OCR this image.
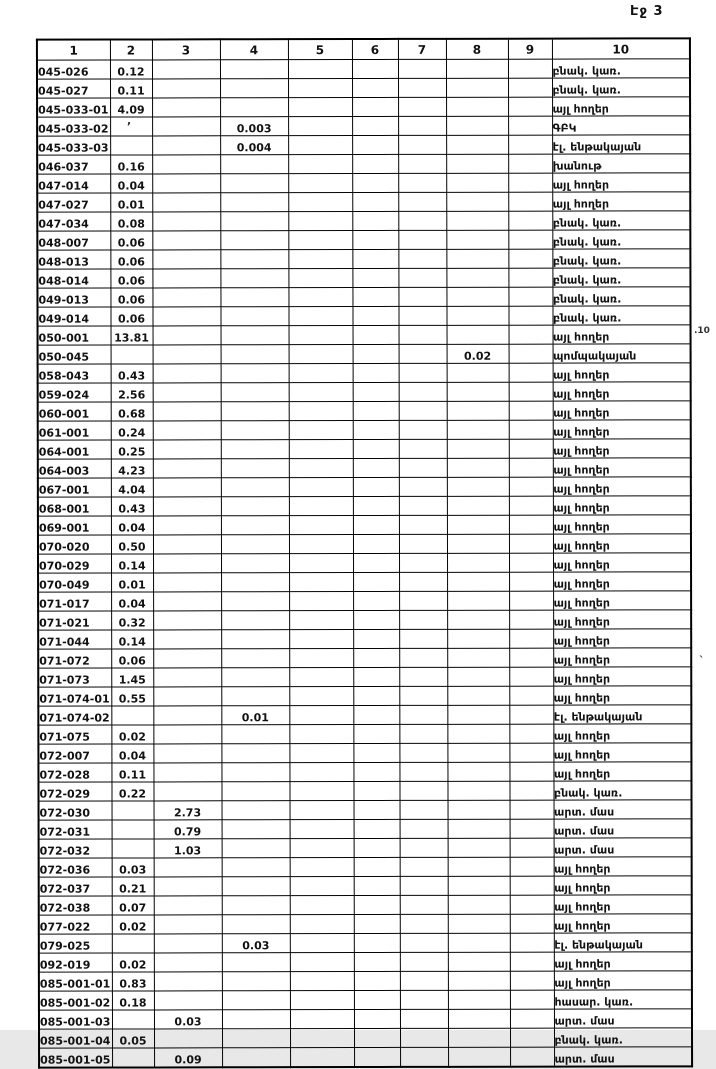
Էջ 3
,
.10
`
1	2	3	4	5	6	7	8	9	10
045-026	0.12								բնակ. կառ.
045-027	0.11								բնակ. կառ.
045-033-01	4.09								այլ հողեր
045-033-02			0.003						ԳԲԿ
045-033-03			0.004						էլ. ենթակայան
046-037	0.16								խանութ
047-014	0.04								այլ հողեր
047-027	0.01								այլ հողեր
047-034	0.08								բնակ. կառ.
048-007	0.06								բնակ. կառ.
048-013	0.06								բնակ. կառ.
048-014	0.06								բնակ. կառ.
049-013	0.06								բնակ. կառ.
049-014	0.06								բնակ. կառ.
050-001	13.81								այլ հողեր
050-045							0.02		պոմպակայան
058-043	0.43								այլ հողեր
059-024	2.56								այլ հողեր
060-001	0.68								այլ հողեր
061-001	0.24								այլ հողեր
064-001	0.25								այլ հողեր
064-003	4.23								այլ հողեր
067-001	4.04								այլ հողեր
068-001	0.43								այլ հողեր
069-001	0.04								այլ հողեր
070-020	0.50								այլ հողեր
070-029	0.14								այլ հողեր
070-049	0.01								այլ հողեր
071-017	0.04								այլ հողեր
071-021	0.32								այլ հողեր
071-044	0.14								այլ հողեր
071-072	0.06								այլ հողեր
071-073	1.45								այլ հողեր
071-074-01	0.55								այլ հողեր
071-074-02			0.01						էլ. ենթակայան
071-075	0.02								այլ հողեր
072-007	0.04								այլ հողեր
072-028	0.11								այլ հողեր
072-029	0.22								բնակ. կառ.
072-030		2.73							արտ. մաս
072-031		0.79							արտ. մաս
072-032		1.03							արտ. մաս
072-036	0.03								այլ հողեր
072-037	0.21								այլ հողեր
072-038	0.07								այլ հողեր
077-022	0.02								այլ հողեր
079-025			0.03						էլ. ենթակայան
092-019	0.02								այլ հողեր
085-001-01	0.83								այլ հողեր
085-001-02	0.18								հասար. կառ.
085-001-03		0.03							արտ. մաս
085-001-04	0.05								բնակ. կառ.
085-001-05		0.09							արտ. մաս
